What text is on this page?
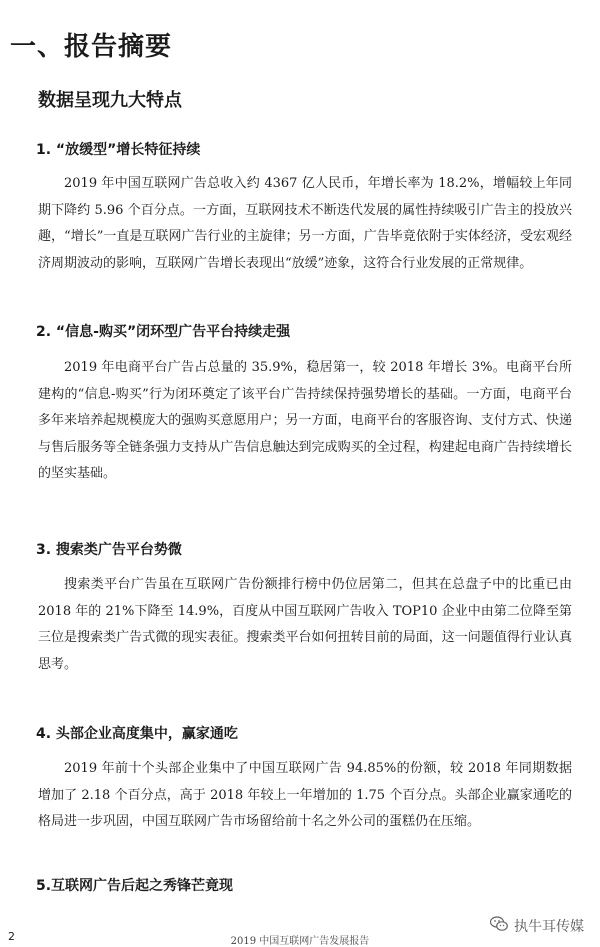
一、报告摘要
数据呈现九大特点
1. “放缓型”增长特征持续

2019 年中国互联网广告总收入约 4367 亿人民币，年增长率为 18.2%，增幅较上年同期下降约 5.96 个百分点。一方面，互联网技术不断迭代发展的属性持续吸引广告主的投放兴趣，“增长”一直是互联网广告行业的主旋律；另一方面，广告毕竟依附于实体经济，受宏观经济周期波动的影响，互联网广告增长表现出“放缓”迹象，这符合行业发展的正常规律。

2. “信息-购买”闭环型广告平台持续走强

2019 年电商平台广告占总量的 35.9%，稳居第一，较 2018 年增长 3%。电商平台所建构的“信息-购买”行为闭环奠定了该平台广告持续保持强势增长的基础。一方面，电商平台多年来培养起规模庞大的强购买意愿用户；另一方面，电商平台的客服咨询、支付方式、快递与售后服务等全链条强力支持从广告信息触达到完成购买的全过程，构建起电商广告持续增长的坚实基础。

3. 搜索类广告平台势微

搜索类平台广告虽在互联网广告份额排行榜中仍位居第二，但其在总盘子中的比重已由 2018 年的 21%下降至 14.9%，百度从中国互联网广告收入 TOP10 企业中由第二位降至第三位是搜索类广告式微的现实表征。搜索类平台如何扭转目前的局面，这一问题值得行业认真思考。

4. 头部企业高度集中，赢家通吃

2019 年前十个头部企业集中了中国互联网广告 94.85%的份额，较 2018 年同期数据增加了 2.18 个百分点，高于 2018 年较上一年增加的 1.75 个百分点。头部企业赢家通吃的格局进一步巩固，中国互联网广告市场留给前十名之外公司的蛋糕仍在压缩。

5.互联网广告后起之秀锋芒竟现
2	2019 中国互联网广告发展报告
执牛耳传媒
